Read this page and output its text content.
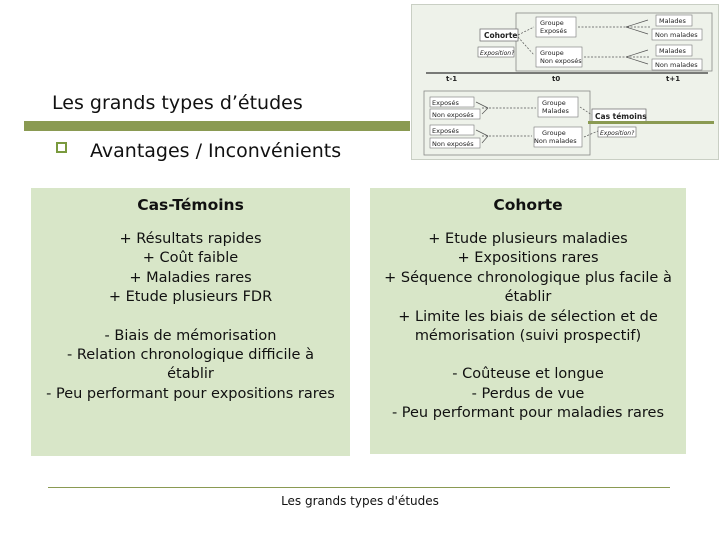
Cohorte
Exposition?
Groupe
Exposés
Groupe
Non exposés
Malades
Non malades
Malades
Non malades
t-1	t0	t+1
Exposés
Non exposés
Exposés
Non exposés
Groupe
Malades
Groupe
Non malades
Cas témoins
Exposition?
Les grands types d’études
Avantages / Inconvénients
Cas-Témoins
+ Résultats rapides
+ Coût faible
+ Maladies rares
+ Etude plusieurs FDR
- Biais de mémorisation
- Relation chronologique difficile à établir
- Peu performant pour expositions rares
Cohorte
+ Etude plusieurs maladies
+ Expositions rares
+ Séquence chronologique plus facile à établir
+ Limite les biais de sélection et de mémorisation (suivi prospectif)
- Coûteuse et longue
- Perdus de vue
- Peu performant pour maladies rares
Les grands types d'études
